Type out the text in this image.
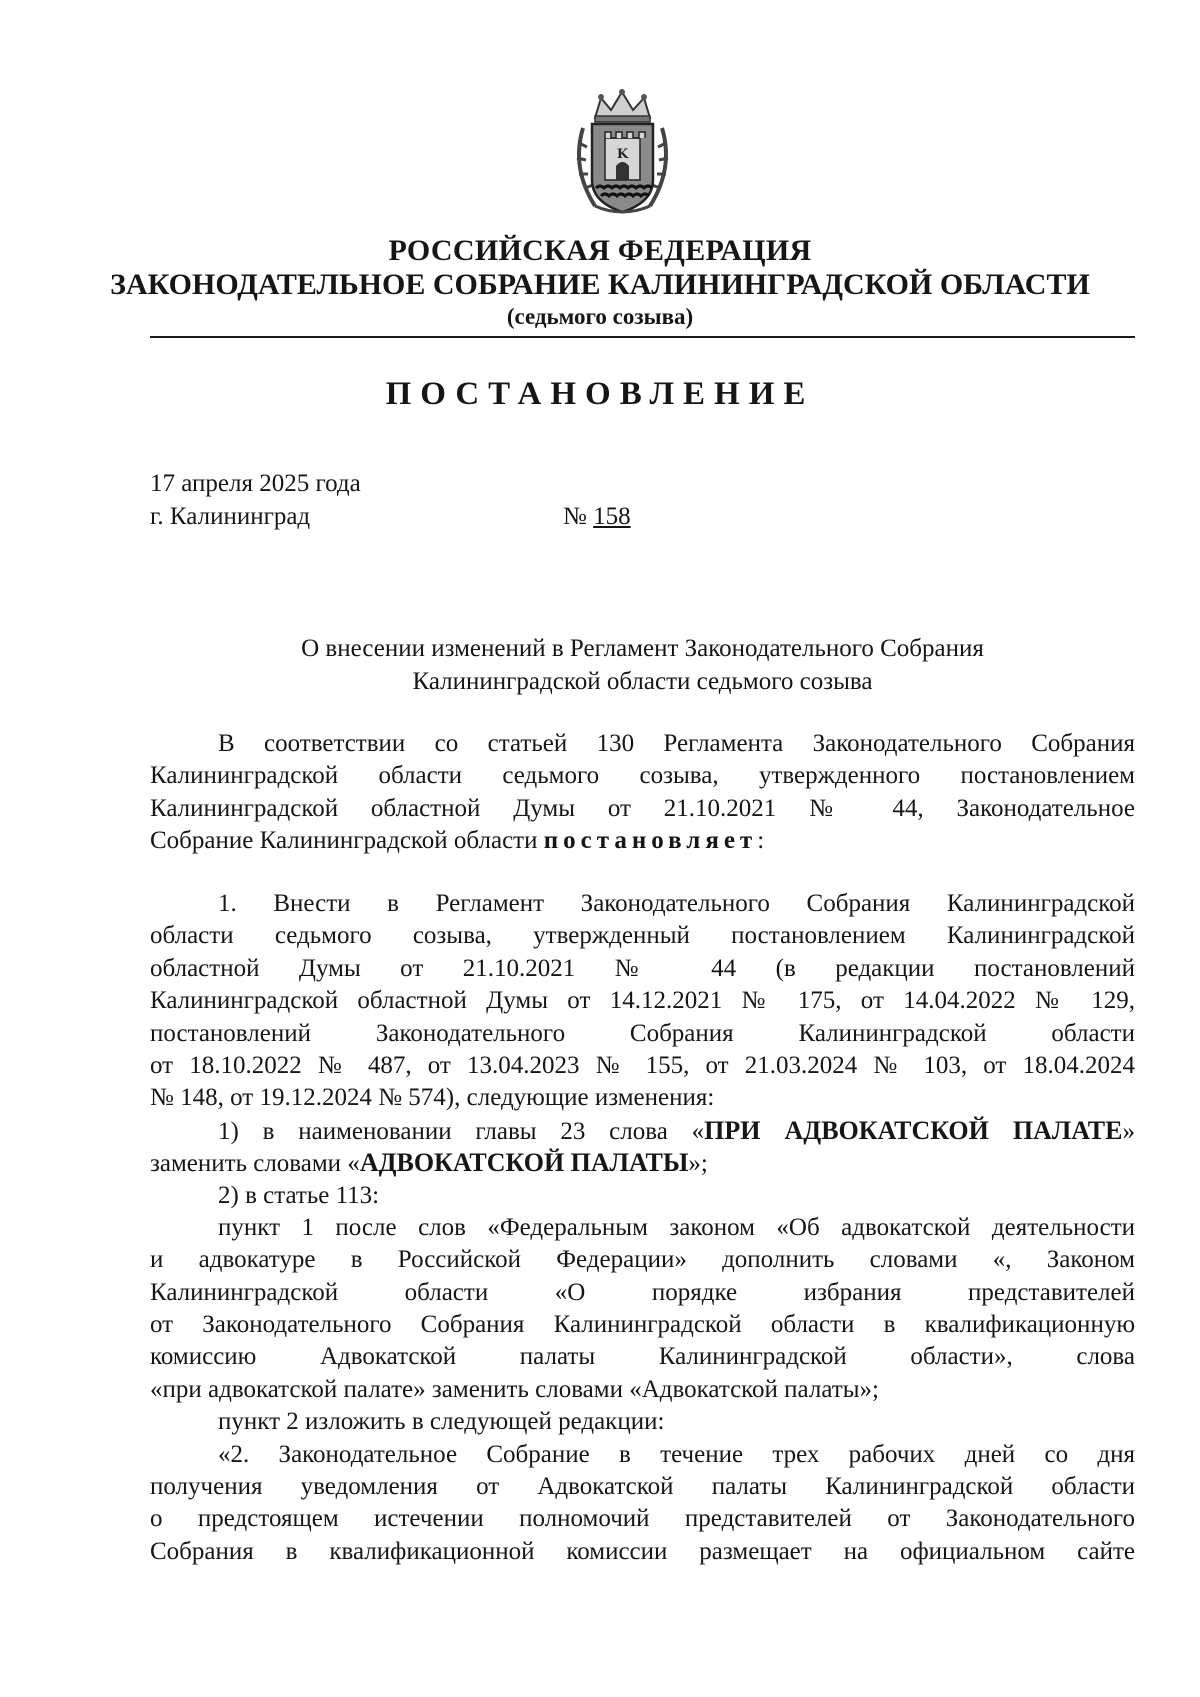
K
РОССИЙСКАЯ ФЕДЕРАЦИЯ
ЗАКОНОДАТЕЛЬНОЕ СОБРАНИЕ КАЛИНИНГРАДСКОЙ ОБЛАСТИ
(седьмого созыва)
ПОСТАНОВЛЕНИЕ
17 апреля 2025 года
г. Калининград	№ 158
О внесении изменений в Регламент Законодательного Собрания
Калининградской области седьмого созыва
В соответствии со статьей 130 Регламента Законодательного Собрания
Калининградской области седьмого созыва, утвержденного постановлением
Калининградской областной Думы от 21.10.2021 № 44, Законодательное
Собрание Калининградской области постановляет:
1. Внести в Регламент Законодательного Собрания Калининградской
области седьмого созыва, утвержденный постановлением Калининградской
областной Думы от 21.10.2021 № 44 (в редакции постановлений
Калининградской областной Думы от 14.12.2021 № 175, от 14.04.2022 № 129,
постановлений Законодательного Собрания Калининградской области
от 18.10.2022 № 487, от 13.04.2023 № 155, от 21.03.2024 № 103, от 18.04.2024
№ 148, от 19.12.2024 № 574), следующие изменения:
1) в наименовании главы 23 слова «ПРИ АДВОКАТСКОЙ ПАЛАТЕ»
заменить словами «АДВОКАТСКОЙ ПАЛАТЫ»;
2) в статье 113:
пункт 1 после слов «Федеральным законом «Об адвокатской деятельности
и адвокатуре в Российской Федерации» дополнить словами «, Законом
Калининградской области «О порядке избрания представителей
от Законодательного Собрания Калининградской области в квалификационную
комиссию Адвокатской палаты Калининградской области», слова
«при адвокатской палате» заменить словами «Адвокатской палаты»;
пункт 2 изложить в следующей редакции:
«2. Законодательное Собрание в течение трех рабочих дней со дня
получения уведомления от Адвокатской палаты Калининградской области
о предстоящем истечении полномочий представителей от Законодательного
Собрания в квалификационной комиссии размещает на официальном сайте
